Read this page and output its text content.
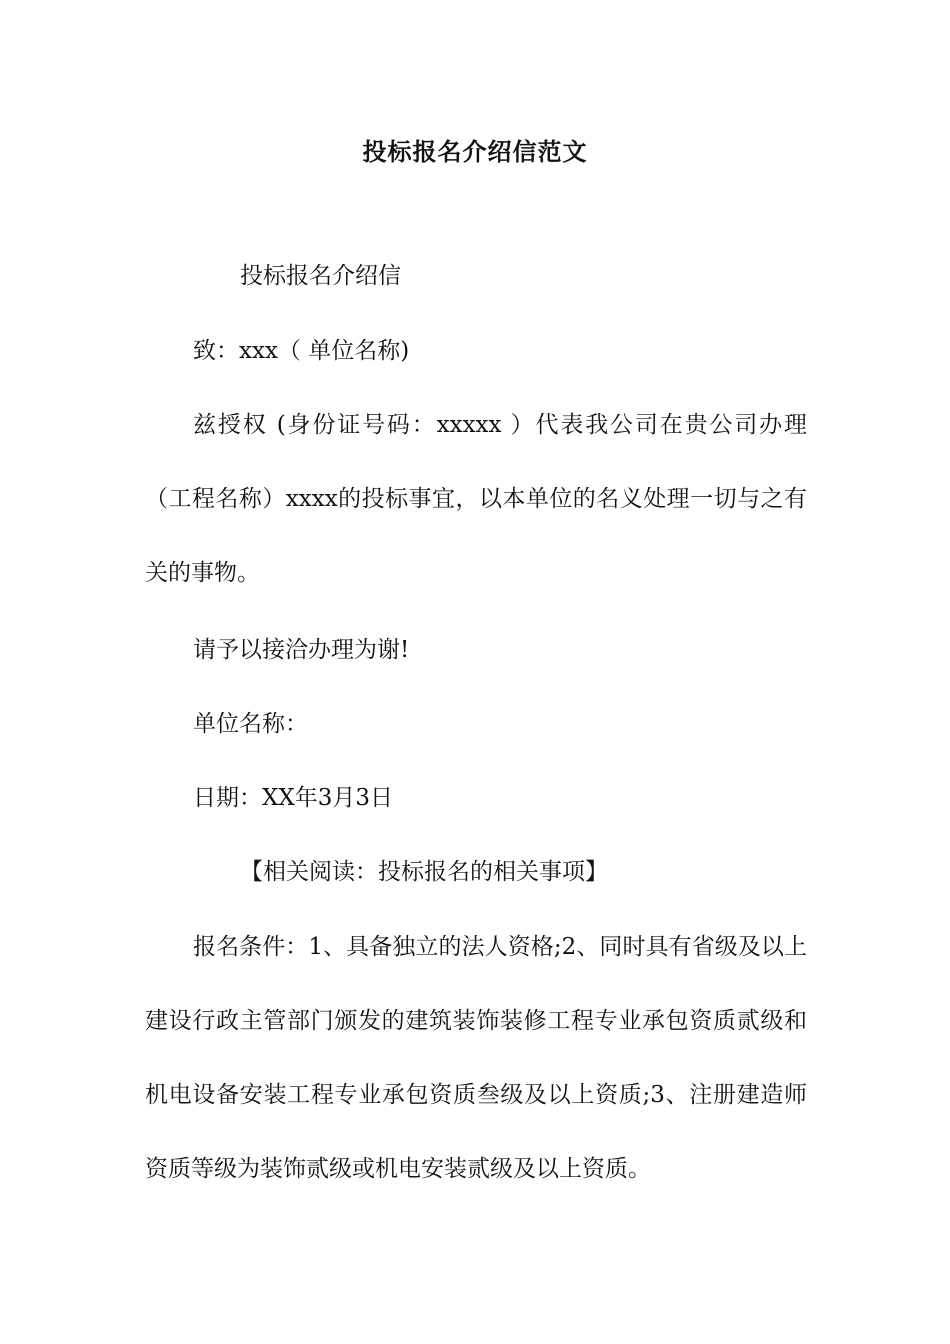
投标报名介绍信范文
投标报名介绍信
致：xxx（ 单位名称)
兹授权 (身份证号码：xxxxx ）代表我公司在贵公司办理（工程名称）xxxx的投标事宜，以本单位的名义处理一切与之有关的事物。
请予以接洽办理为谢!
单位名称：
日期：XX年3月3日
【相关阅读：投标报名的相关事项】
报名条件：1、具备独立的法人资格;2、同时具有省级及以上建设行政主管部门颁发的建筑装饰装修工程专业承包资质贰级和机电设备安装工程专业承包资质叁级及以上资质;3、注册建造师资质等级为装饰贰级或机电安装贰级及以上资质。
